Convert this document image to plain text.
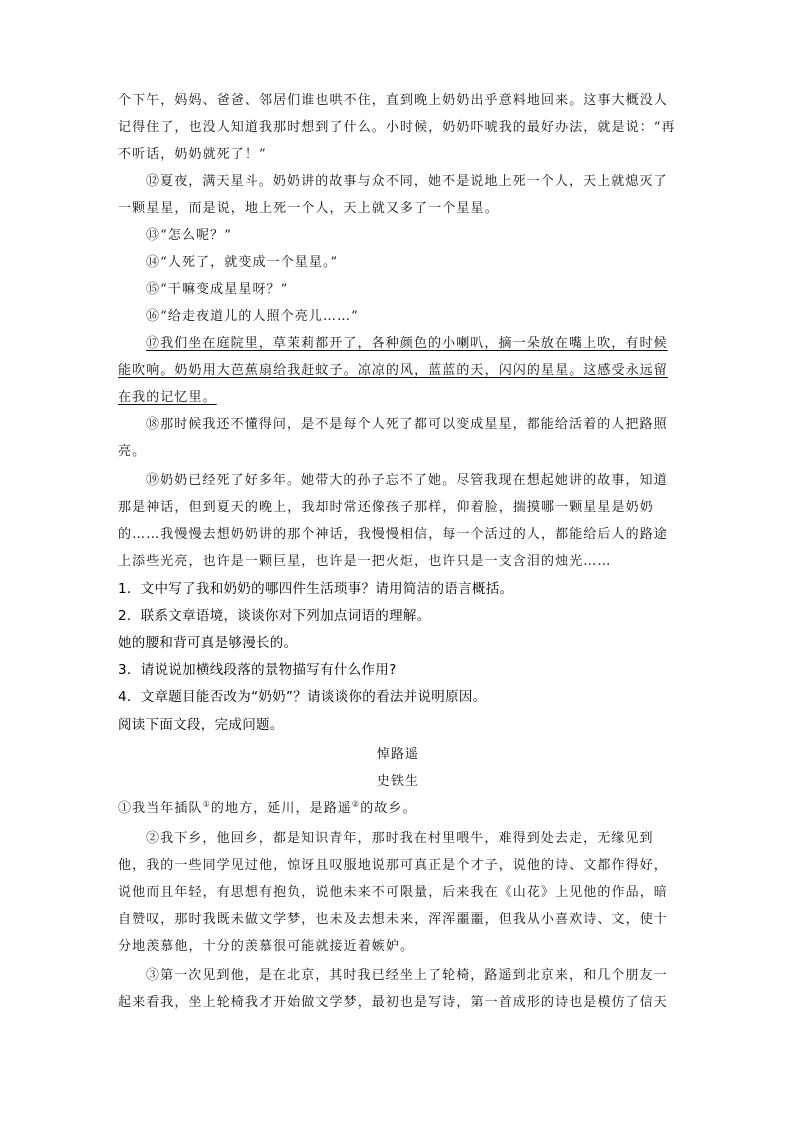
个下午，妈妈、爸爸、邻居们谁也哄不住，直到晚上奶奶出乎意料地回来。这事大概没人
记得住了，也没人知道我那时想到了什么。小时候，奶奶吓唬我的最好办法，就是说：“再
不听话，奶奶就死了！”
⑫夏夜，满天星斗。奶奶讲的故事与众不同，她不是说地上死一个人，天上就熄灭了
一颗星星，而是说，地上死一个人，天上就又多了一个星星。
⑬“怎么呢？”
⑭“人死了，就变成一个星星。”
⑮“干嘛变成星星呀？”
⑯“给走夜道儿的人照个亮儿……”
⑰我们坐在庭院里，草茉莉都开了，各种颜色的小喇叭，摘一朵放在嘴上吹，有时候
能吹响。奶奶用大芭蕉扇给我赶蚊子。凉凉的风，蓝蓝的天，闪闪的星星。这感受永远留
在我的记忆里。
⑱那时候我还不懂得问，是不是每个人死了都可以变成星星，都能给活着的人把路照
亮。
⑲奶奶已经死了好多年。她带大的孙子忘不了她。尽管我现在想起她讲的故事，知道
那是神话，但到夏天的晚上，我却时常还像孩子那样，仰着脸，揣摸哪一颗星星是奶奶
的……我慢慢去想奶奶讲的那个神话，我慢慢相信，每一个活过的人，都能给后人的路途
上添些光亮，也许是一颗巨星，也许是一把火炬，也许只是一支含泪的烛光……
1．文中写了我和奶奶的哪四件生活琐事？请用简洁的语言概括。
2．联系文章语境，谈谈你对下列加点词语的理解。
她的腰和背可真是够漫长的。
3．请说说加横线段落的景物描写有什么作用?
4．文章题目能否改为“奶奶”？请谈谈你的看法并说明原因。
阅读下面文段，完成问题。
悼路遥
史铁生
①我当年插队①的地方，延川，是路遥②的故乡。
②我下乡，他回乡，都是知识青年，那时我在村里喂牛，难得到处去走，无缘见到
他，我的一些同学见过他，惊讶且叹服地说那可真正是个才子，说他的诗、文都作得好，
说他而且年轻，有思想有抱负，说他未来不可限量，后来我在《山花》上见他的作品，暗
自赞叹，那时我既未做文学梦，也未及去想未来，浑浑噩噩，但我从小喜欢诗、文，使十
分地羡慕他，十分的羡慕很可能就接近着嫉妒。
③第一次见到他，是在北京，其时我已经坐上了轮椅，路遥到北京来，和几个朋友一
起来看我，坐上轮椅我才开始做文学梦，最初也是写诗，第一首成形的诗也是模仿了信天
